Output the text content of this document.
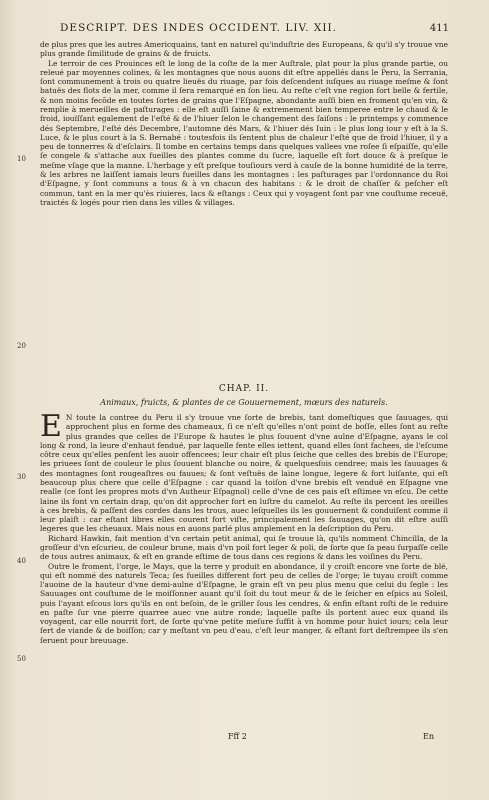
DESCRIPT. DES INDES OCCIDENT. LIV. XII.	411
10
20
30
40
50

de plus pres que les autres Americquains, tant en naturel qu'induſtrie des Europeans, & qu'il s'y trouue vne plus grande ſimilitude de grains & de fruicts.

Le terroir de ces Prouinces eſt le long de la coſte de la mer Auſtrale, plat pour la plus grande partie, ou releué par moyennes colines, & les montagnes que nous auons dit eſtre appellés dans le Peru, la Serrania, ſont communement à trois ou quatre lieuës du riuage, par fois deſcendent iuſques au riuage meſme & ſont batuës des flots de la mer, comme il ſera remarqué en ſon lieu. Au reſte c'eſt vne region fort belle & fertile, & non moins fecõde en toutes ſortes de grains que l'Eſpagne, abondante auſſi bien en froment qu'en vin, & remplie à merueilles de paſturages : elle eſt auſſi ſaine & extremement bien temperee entre le chaud & le froid, iouïſſant egalement de l'eſté & de l'hiuer ſelon le changement des ſaiſons : le printemps y commence dés Septembre, l'eſté dés Decembre, l'automne dés Mars, & l'hiuer dés Iuin : le plus long iour y eſt à la S. Luce, & le plus court à la S. Bernabé : toutesfois ils ſentent plus de chaleur l'eſté que de froid l'hiuer, il y a peu de tonnerres & d'eſclairs. Il tombe en certains temps dans quelques vallees vne roſee ſi eſpaiſſe, qu'elle ſe congele & s'attache aux fueilles des plantes comme du ſucre, laquelle eſt fort douce & à preſque le meſme vſage que la manne. L'herbage y eſt preſque touſiours verd à cauſe de la bonne humidité de la terre, & les arbres ne laiſſent iamais leurs fueilles dans les montagnes : les paſturages par l'ordonnance du Roi d'Eſpagne, y ſont communs a tous & à vn chacun des habitans : & le droit de chaſſer & peſcher eſt commun, tant en la mer qu'ès riuieres, lacs & eſtangs : Ceux qui y voyagent ſont par vne couſtume receuë, traictés & logés pour rien dans les villes & villages.

CHAP. II.
Animaux, fruicts, & plantes de ce Gouuernement, mœurs des naturels.

E N toute la contree du Peru il s'y trouue vne ſorte de brebis, tant domeſtiques que ſauuages, qui approchent plus en forme des chameaux, ſi ce n'eſt qu'elles n'ont point de boſſe, elles ſont au reſte plus grandes que celles de l'Europe & hautes le plus ſouuent d'vne aulne d'Eſpagne, ayans le col long & rond, la leure d'enhaut fendué, par laquelle fente elles iettent, quand elles ſont fachees, de l'eſcume côtre ceux qu'elles penſent les auoir offencees; leur chair eſt plus ſeiche que celles des brebis de l'Europe; les priuees ſont de couleur le plus ſouuent blanche ou noire, & quelquesfois cendree; mais les ſauuages & des montagnes ſont rougeaſtres ou fauues; & ſont veſtuës de laine longue, legere & fort luiſante, qui eſt beaucoup plus chere que celle d'Eſpagne : car quand la toiſon d'vne brebis eſt venduë en Eſpagne vne realle (ce ſont les propres mots d'vn Autheur Eſpagnol) celle d'vne de ces pais eſt eſtimee vn eſcu. De cette laine ils font vn certain drap, qu'on dit approcher fort en luſtre du camelot. Au reſte ils percent les oreilles à ces brebis, & paſſent des cordes dans les trous, auec leſquelles ils les gouuernent & conduiſent comme il leur plaiſt : car eſtant libres elles courent fort viſte, principalement les ſauuages, qu'on dit eſtre auſſi legeres que les cheuaux. Mais nous en auons parlé plus amplement en la deſcription du Peru.

Richard Hawkin, fait mention d'vn certain petit animal, qui ſe trouue là, qu'ils nomment Chincilla, de la groſſeur d'vn eſcurieu, de couleur brune, mais d'vn poil fort leger & poli, de ſorte que ſa peau ſurpaſſe celle de tous autres animaux, & eſt en grande eſtime de tous dans ces regions & dans les voiſines du Peru.

Outre le froment, l'orge, le Mays, que la terre y produit en abondance, il y croiſt encore vne ſorte de blé, qui eſt nommé des naturels Teca; ſes fueilles different fort peu de celles de l'orge; le tuyau croiſt comme l'auoine de la hauteur d'vne demi-aulne d'Eſpagne, le grain eſt vn peu plus menu que celui du ſegle : les Sauuages ont couſtume de le moiſſonner auant qu'il ſoit du tout meur & de le ſeicher en eſpics au Soleil, puis l'ayant eſcous lors qu'ils en ont beſoin, de le griller ſous les cendres, & enfin eſtant roſti de le reduire en paſte ſur vne pierre quarree auec vne autre ronde; laquelle paſte ils portent auec eux quand ils voyagent, car elle nourrit fort, de ſorte qu'vne petite meſure ſuffit à vn homme pour huict iours; cela leur ſert de viande & de boiſſon; car y meſtant vn peu d'eau, c'eſt leur manger, & eſtant fort deſtrempee ils s'en ſeruent pour breuuage.

Fff 2	En
